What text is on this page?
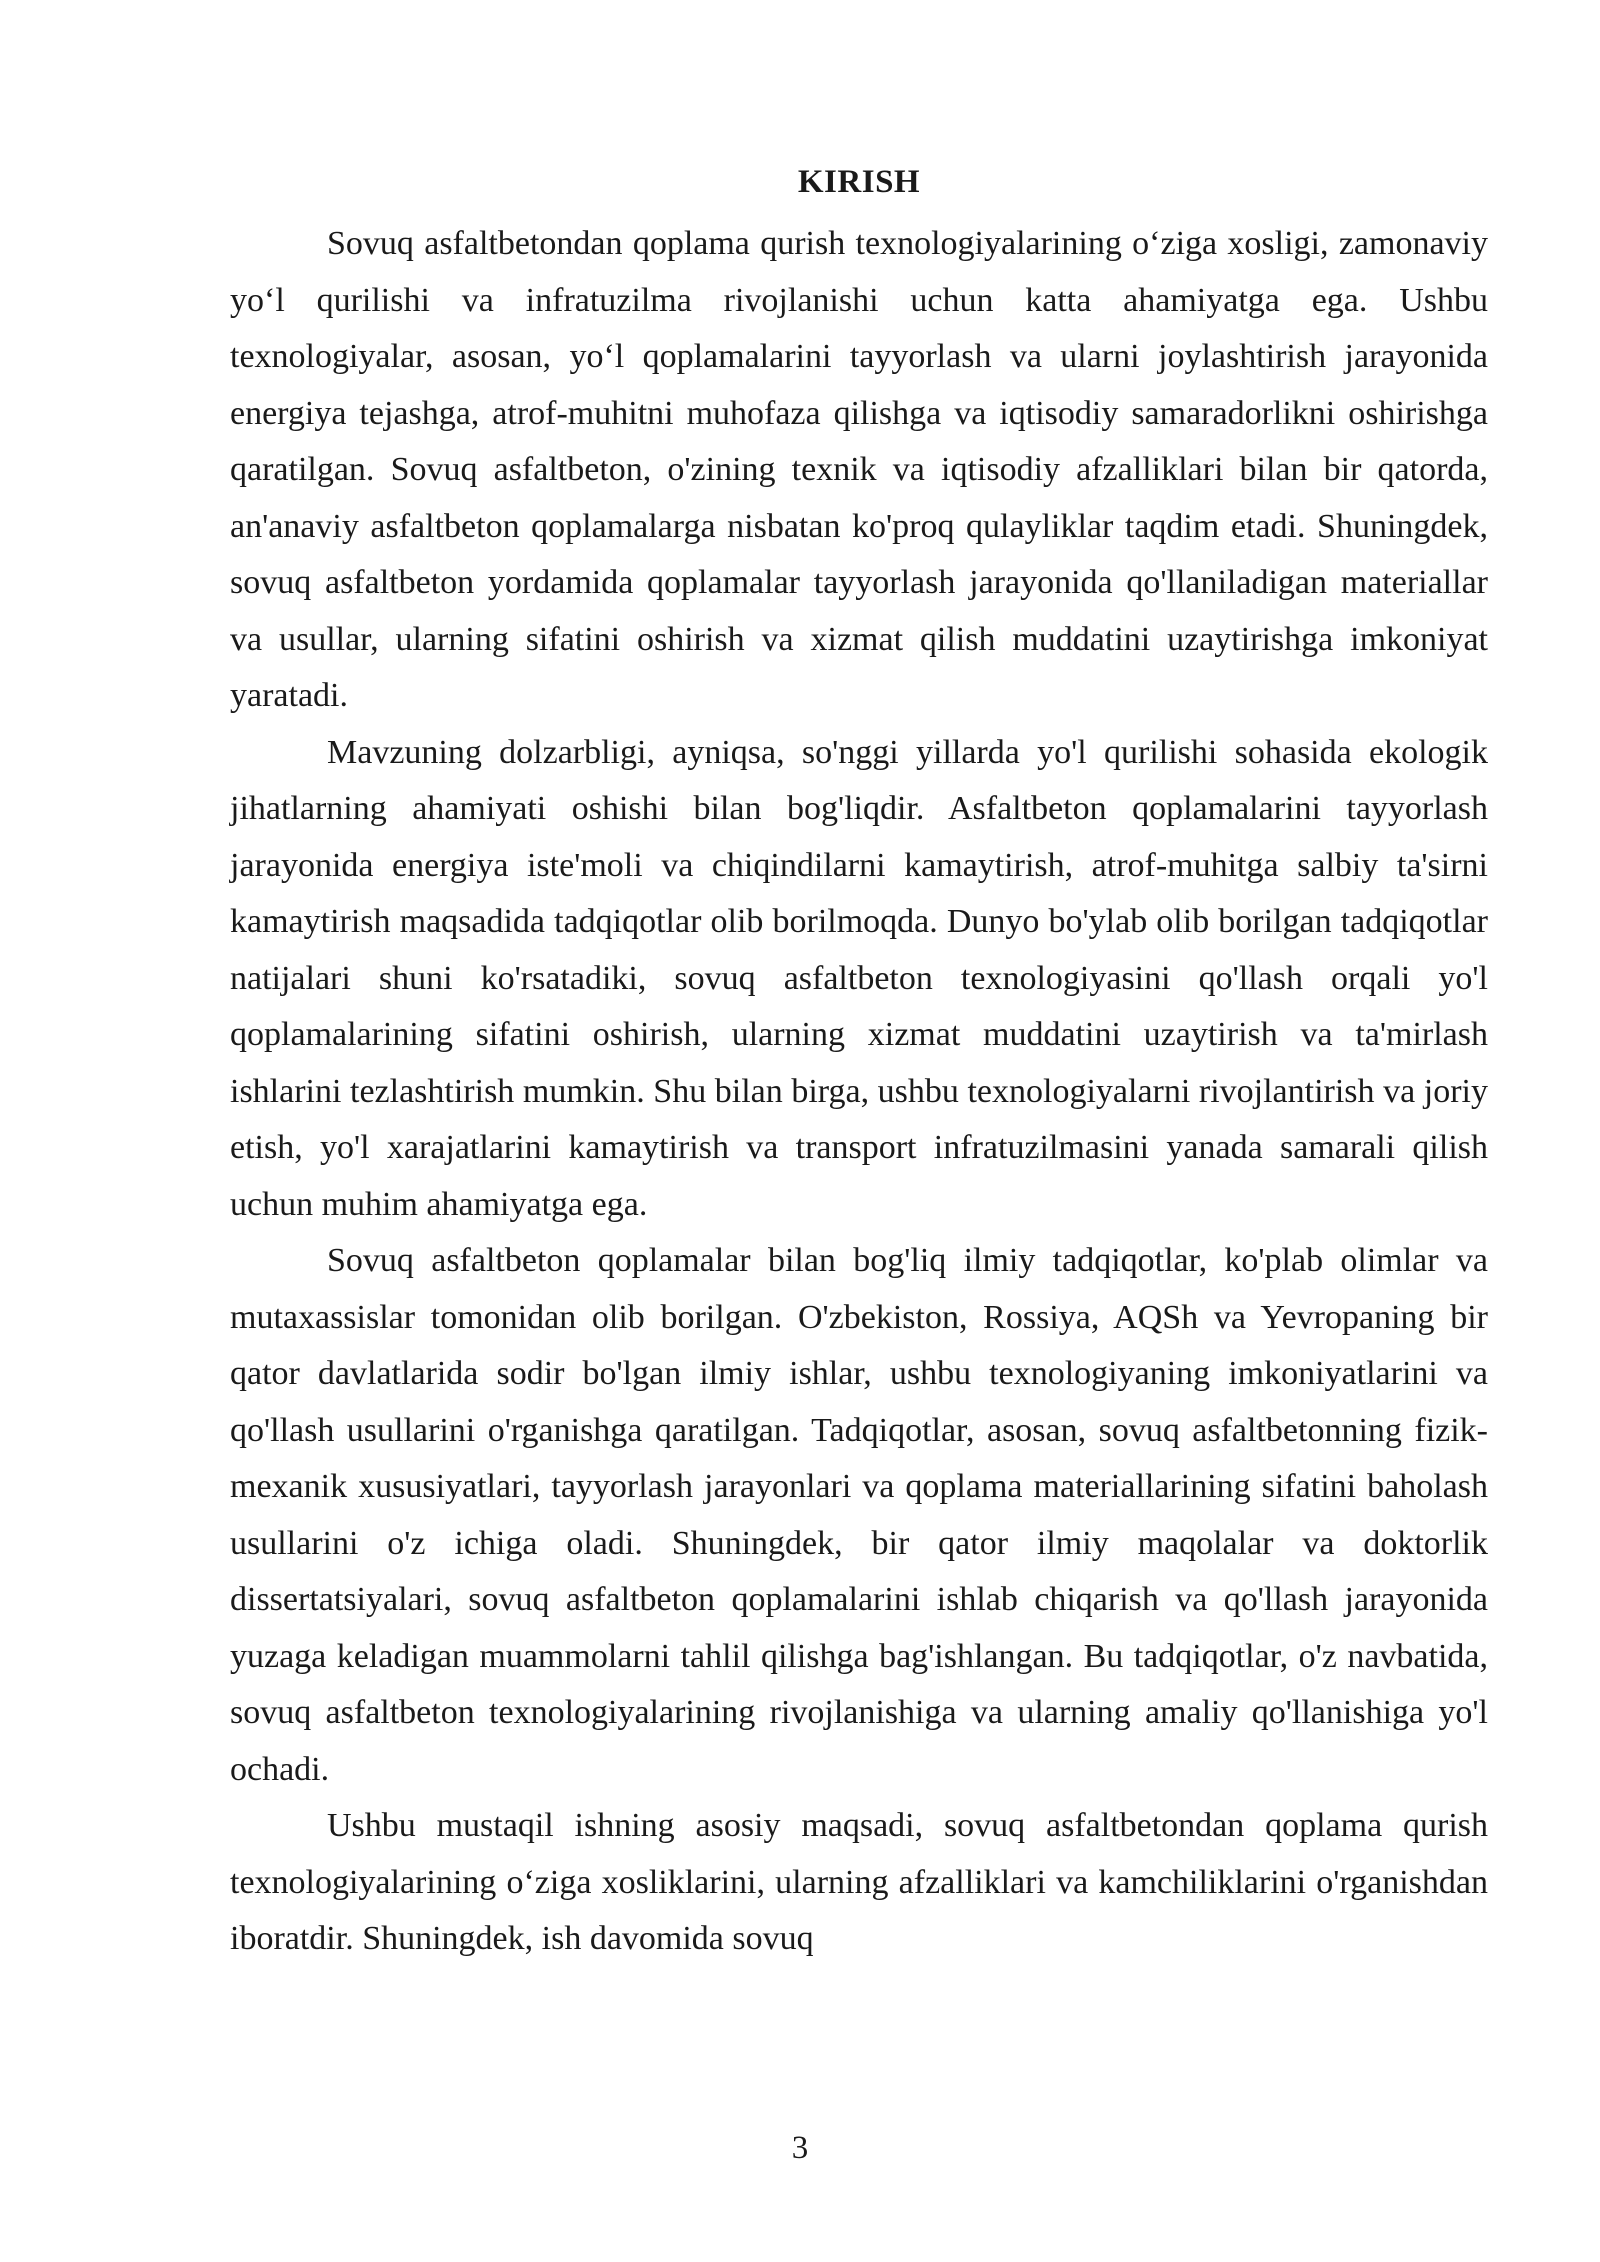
KIRISH

Sovuq asfaltbetondan qoplama qurish texnologiyalarining o‘ziga xosligi, zamonaviy yo‘l qurilishi va infratuzilma rivojlanishi uchun katta ahamiyatga ega. Ushbu texnologiyalar, asosan, yo‘l qoplamalarini tayyorlash va ularni joylashtirish jarayonida energiya tejashga, atrof-muhitni muhofaza qilishga va iqtisodiy samaradorlikni oshirishga qaratilgan. Sovuq asfaltbeton, o'zining texnik va iqtisodiy afzalliklari bilan bir qatorda, an'anaviy asfaltbeton qoplamalarga nisbatan ko'proq qulayliklar taqdim etadi. Shuningdek, sovuq asfaltbeton yordamida qoplamalar tayyorlash jarayonida qo'llaniladigan materiallar va usullar, ularning sifatini oshirish va xizmat qilish muddatini uzaytirishga imkoniyat yaratadi.

Mavzuning dolzarbligi, ayniqsa, so'nggi yillarda yo'l qurilishi sohasida ekologik jihatlarning ahamiyati oshishi bilan bog'liqdir. Asfaltbeton qoplamalarini tayyorlash jarayonida energiya iste'moli va chiqindilarni kamaytirish, atrof-muhitga salbiy ta'sirni kamaytirish maqsadida tadqiqotlar olib borilmoqda. Dunyo bo'ylab olib borilgan tadqiqotlar natijalari shuni ko'rsatadiki, sovuq asfaltbeton texnologiyasini qo'llash orqali yo'l qoplamalarining sifatini oshirish, ularning xizmat muddatini uzaytirish va ta'mirlash ishlarini tezlashtirish mumkin. Shu bilan birga, ushbu texnologiyalarni rivojlantirish va joriy etish, yo'l xarajatlarini kamaytirish va transport infratuzilmasini yanada samarali qilish uchun muhim ahamiyatga ega.

Sovuq asfaltbeton qoplamalar bilan bog'liq ilmiy tadqiqotlar, ko'plab olimlar va mutaxassislar tomonidan olib borilgan. O'zbekiston, Rossiya, AQSh va Yevropaning bir qator davlatlarida sodir bo'lgan ilmiy ishlar, ushbu texnologiyaning imkoniyatlarini va qo'llash usullarini o'rganishga qaratilgan. Tadqiqotlar, asosan, sovuq asfaltbetonning fizik-mexanik xususiyatlari, tayyorlash jarayonlari va qoplama materiallarining sifatini baholash usullarini o'z ichiga oladi. Shuningdek, bir qator ilmiy maqolalar va doktorlik dissertatsiyalari, sovuq asfaltbeton qoplamalarini ishlab chiqarish va qo'llash jarayonida yuzaga keladigan muammolarni tahlil qilishga bag'ishlangan. Bu tadqiqotlar, o'z navbatida, sovuq asfaltbeton texnologiyalarining rivojlanishiga va ularning amaliy qo'llanishiga yo'l ochadi.

Ushbu mustaqil ishning asosiy maqsadi, sovuq asfaltbetondan qoplama qurish texnologiyalarining o‘ziga xosliklarini, ularning afzalliklari va kamchiliklarini o'rganishdan iboratdir. Shuningdek, ish davomida sovuq

3
